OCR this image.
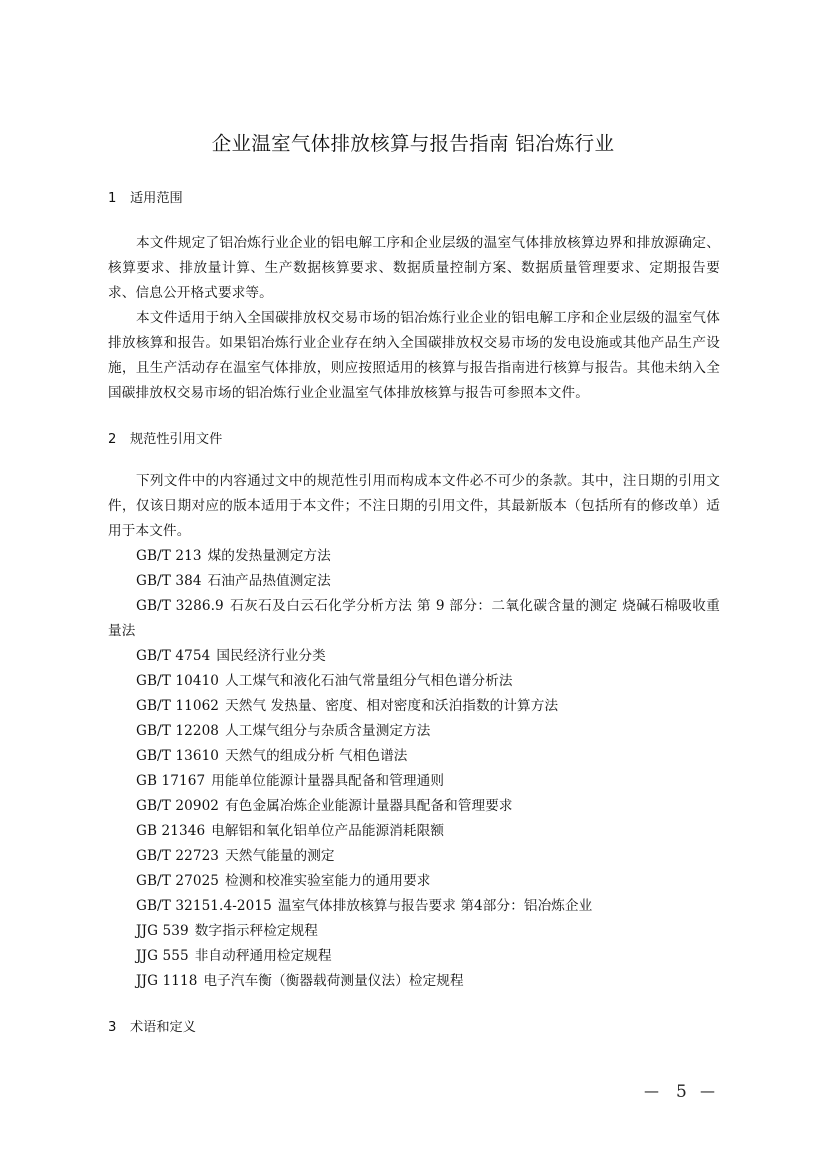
企业温室气体排放核算与报告指南 铝冶炼行业
1 适用范围
本文件规定了铝冶炼行业企业的铝电解工序和企业层级的温室气体排放核算边界和排放源确定、核算要求、排放量计算、生产数据核算要求、数据质量控制方案、数据质量管理要求、定期报告要求、信息公开格式要求等。
本文件适用于纳入全国碳排放权交易市场的铝冶炼行业企业的铝电解工序和企业层级的温室气体排放核算和报告。如果铝冶炼行业企业存在纳入全国碳排放权交易市场的发电设施或其他产品生产设施，且生产活动存在温室气体排放，则应按照适用的核算与报告指南进行核算与报告。其他未纳入全国碳排放权交易市场的铝冶炼行业企业温室气体排放核算与报告可参照本文件。
2 规范性引用文件
下列文件中的内容通过文中的规范性引用而构成本文件必不可少的条款。其中，注日期的引用文件，仅该日期对应的版本适用于本文件；不注日期的引用文件，其最新版本（包括所有的修改单）适用于本文件。
GB/T 213 煤的发热量测定方法
GB/T 384 石油产品热值测定法
GB/T 3286.9 石灰石及白云石化学分析方法 第 9 部分：二氧化碳含量的测定 烧碱石棉吸收重量法
GB/T 4754 国民经济行业分类
GB/T 10410 人工煤气和液化石油气常量组分气相色谱分析法
GB/T 11062 天然气 发热量、密度、相对密度和沃泊指数的计算方法
GB/T 12208 人工煤气组分与杂质含量测定方法
GB/T 13610 天然气的组成分析 气相色谱法
GB 17167 用能单位能源计量器具配备和管理通则
GB/T 20902 有色金属冶炼企业能源计量器具配备和管理要求
GB 21346 电解铝和氧化铝单位产品能源消耗限额
GB/T 22723 天然气能量的测定
GB/T 27025 检测和校准实验室能力的通用要求
GB/T 32151.4-2015 温室气体排放核算与报告要求 第4部分：铝冶炼企业
JJG 539 数字指示秤检定规程
JJG 555 非自动秤通用检定规程
JJG 1118 电子汽车衡（衡器载荷测量仪法）检定规程
3 术语和定义
— 5 —
